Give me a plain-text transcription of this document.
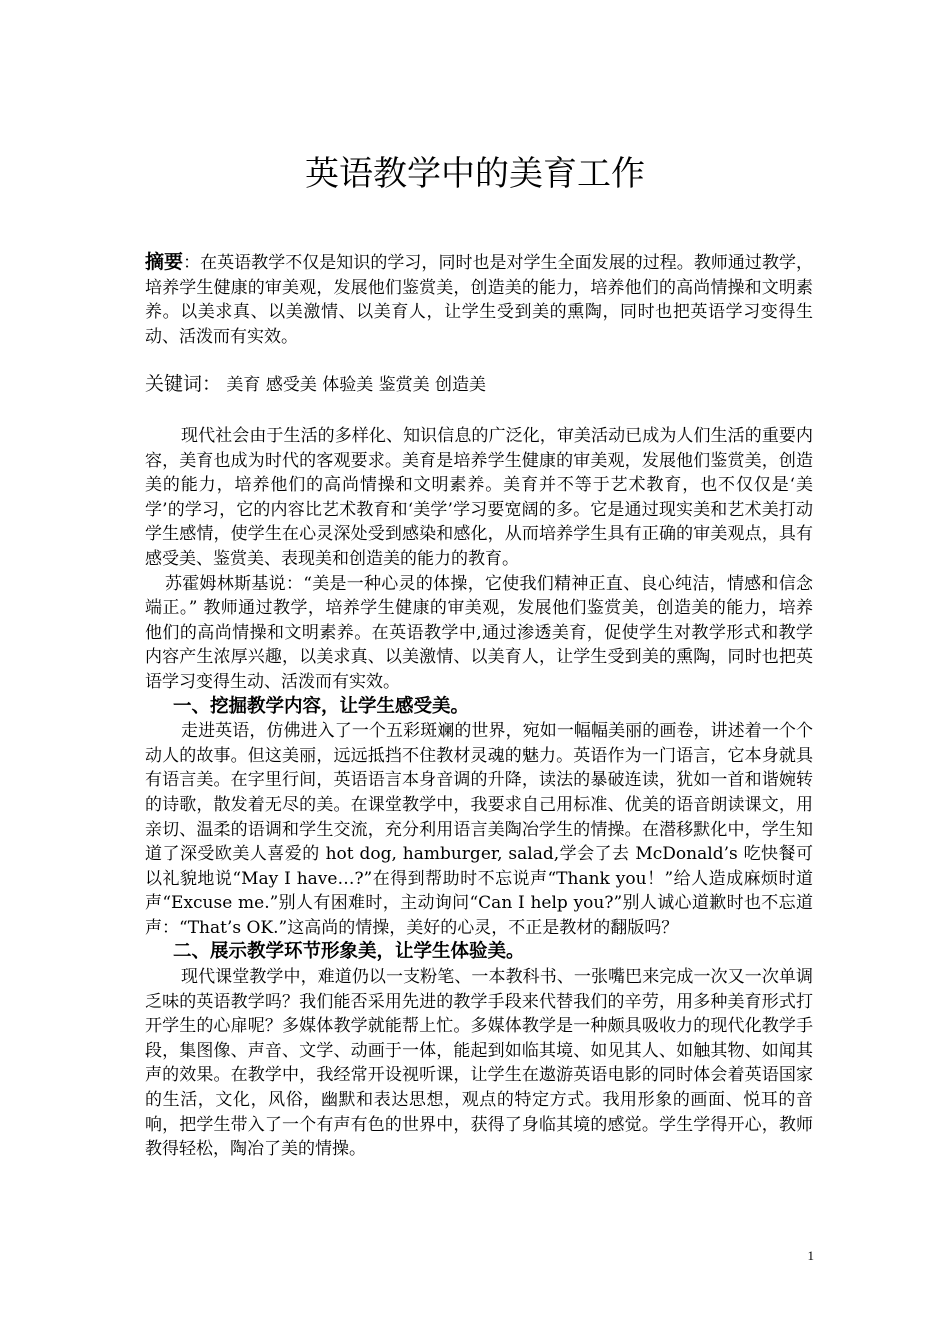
英语教学中的美育工作

摘要：在英语教学不仅是知识的学习，同时也是对学生全面发展的过程。教师通过教学，培养学生健康的审美观，发展他们鉴赏美，创造美的能力，培养他们的高尚情操和文明素养。以美求真、以美激情、以美育人，让学生受到美的熏陶，同时也把英语学习变得生动、活泼而有实效。

关键词： 美育 感受美 体验美 鉴赏美 创造美

现代社会由于生活的多样化、知识信息的广泛化，审美活动已成为人们生活的重要内容，美育也成为时代的客观要求。美育是培养学生健康的审美观，发展他们鉴赏美，创造美的能力，培养他们的高尚情操和文明素养。美育并不等于艺术教育，也不仅仅是‘美学’的学习，它的内容比艺术教育和‘美学’学习要宽阔的多。它是通过现实美和艺术美打动学生感情，使学生在心灵深处受到感染和感化，从而培养学生具有正确的审美观点，具有感受美、鉴赏美、表现美和创造美的能力的教育。

苏霍姆林斯基说：“美是一种心灵的体操，它使我们精神正直、良心纯洁，情感和信念端正。” 教师通过教学，培养学生健康的审美观，发展他们鉴赏美，创造美的能力，培养他们的高尚情操和文明素养。在英语教学中,通过渗透美育，促使学生对教学形式和教学内容产生浓厚兴趣，以美求真、以美激情、以美育人，让学生受到美的熏陶，同时也把英语学习变得生动、活泼而有实效。

一、挖掘教学内容，让学生感受美。

走进英语，仿佛进入了一个五彩斑斓的世界，宛如一幅幅美丽的画卷，讲述着一个个动人的故事。但这美丽，远远抵挡不住教材灵魂的魅力。英语作为一门语言，它本身就具有语言美。在字里行间，英语语言本身音调的升降，读法的暴破连读，犹如一首和谐婉转的诗歌，散发着无尽的美。在课堂教学中，我要求自己用标准、优美的语音朗读课文，用亲切、温柔的语调和学生交流，充分利用语言美陶冶学生的情操。在潜移默化中，学生知道了深受欧美人喜爱的 hot dog, hamburger, salad,学会了去 McDonald’s 吃快餐可以礼貌地说“May I have…?”在得到帮助时不忘说声“Thank you！”给人造成麻烦时道声“Excuse me.”别人有困难时，主动询问“Can I help you?”别人诚心道歉时也不忘道声：“That’s OK.”这高尚的情操，美好的心灵，不正是教材的翻版吗？

二、展示教学环节形象美，让学生体验美。

现代课堂教学中，难道仍以一支粉笔、一本教科书、一张嘴巴来完成一次又一次单调乏味的英语教学吗？我们能否采用先进的教学手段来代替我们的辛劳，用多种美育形式打开学生的心扉呢？多媒体教学就能帮上忙。多媒体教学是一种颇具吸收力的现代化教学手段，集图像、声音、文学、动画于一体，能起到如临其境、如见其人、如触其物、如闻其声的效果。在教学中，我经常开设视听课，让学生在遨游英语电影的同时体会着英语国家的生活，文化，风俗，幽默和表达思想，观点的特定方式。我用形象的画面、悦耳的音响，把学生带入了一个有声有色的世界中，获得了身临其境的感觉。学生学得开心，教师教得轻松，陶冶了美的情操。

1
